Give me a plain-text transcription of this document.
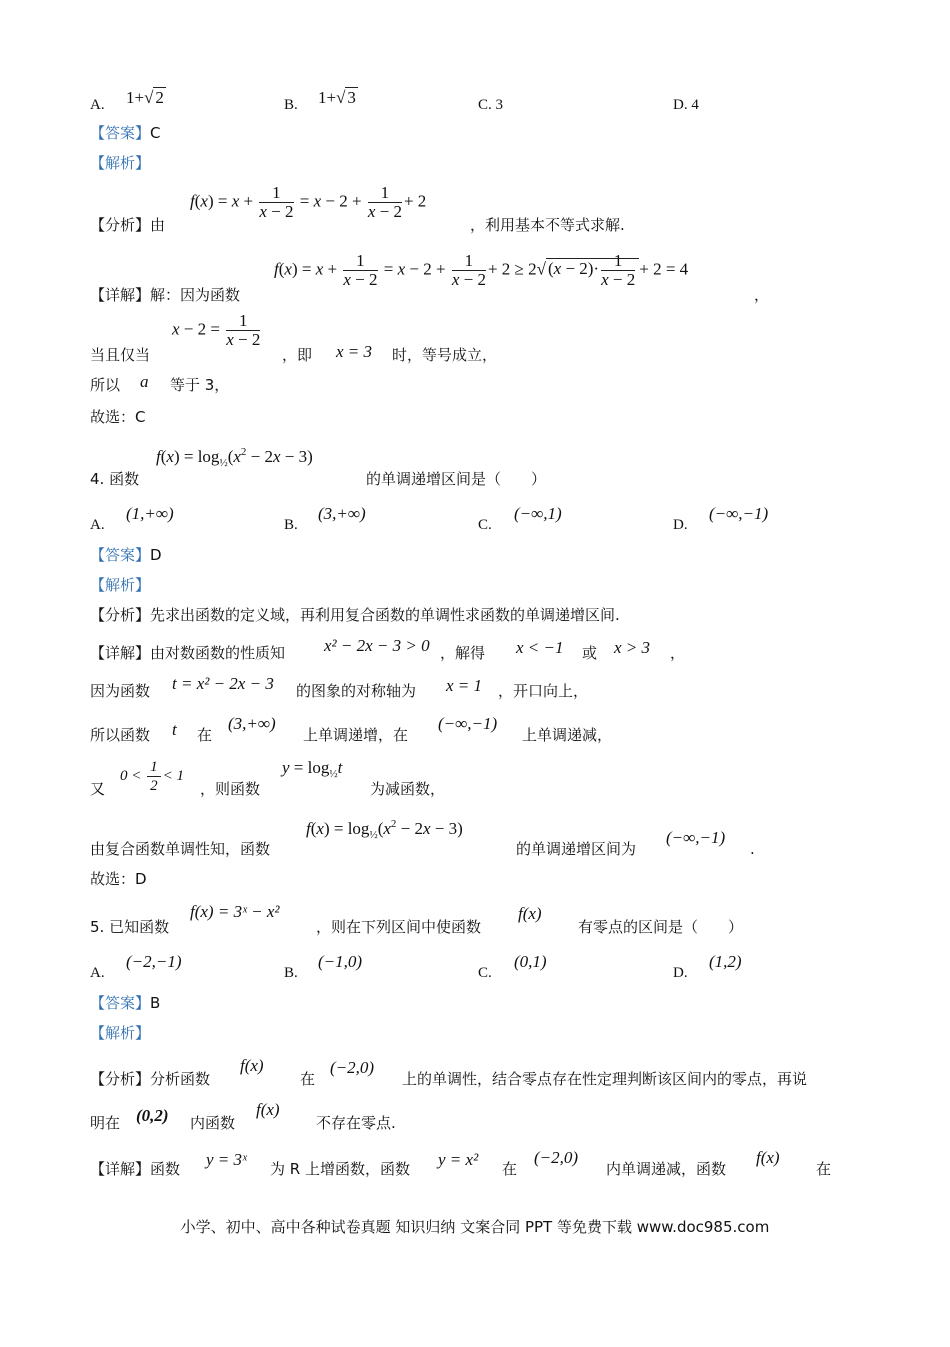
A. 1+√ 2	B. 1+√ 3	C. 3	D. 4
【答案】C
【解析】
【分析】由
$f(x) = x + \frac{1}{x - 2} = x - 2 + \frac{1}{x - 2} + 2$
，利用基本不等式求解.
【详解】解：因为函数
$f(x) = x + \frac{1}{x - 2} = x - 2 + \frac{1}{x - 2} + 2 \ge 2√$ $(x - 2)\cdot \frac{1}{x - 2} + 2 = 4$
，
当且仅当
$x - 2 = \frac{1}{x - 2}$
，即 x = 3 时，等号成立，
所以 a 等于 3，
故选：C
4. 函数
$f(x) = \log_{\frac{1}{2}}(x^2 - 2x - 3)$
的单调递增区间是（　　）
A.
(1,+∞)
B.
(3,+∞)
C.
(−∞,1)
D.
(−∞,−1)
【答案】D
【解析】
【分析】先求出函数的定义域，再利用复合函数的单调性求函数的单调递增区间.
【详解】由对数函数的性质知 x² − 2x − 3 > 0 ，解得 x < −1 或 x > 3 ，
因为函数 t = x² − 2x − 3 的图象的对称轴为 x = 1 ，开口向上，
所以函数 t 在
(3,+∞)
上单调递增，在
(−∞,−1)
上单调递减，
又
$0 < \frac{1}{2} < 1$
，则函数
$y = \log_{\frac{1}{2}}t$
为减函数，
由复合函数单调性知，函数
$f(x) = \log_{\frac{1}{2}}(x^2 - 2x - 3)$
的单调递增区间为
(−∞,−1)
.
故选：D
5. 已知函数
f(x) = 3ˣ − x²
，则在下列区间中使函数
f(x)
有零点的区间是（　　）
A.
(−2,−1)
B.
(−1,0)
C.
(0,1)
D.
(1,2)
【答案】B
【解析】
【分析】分析函数
f(x)
在
(−2,0)
上的单调性，结合零点存在性定理判断该区间内的零点，再说
明在 (0,2) 内函数
f(x)
不存在零点.
【详解】函数 y = 3ˣ 为 R 上增函数，函数 y = x² 在
(−2,0)
内单调递减，函数
f(x)
在
小学、初中、高中各种试卷真题 知识归纳 文案合同 PPT 等免费下载 www.doc985.com
